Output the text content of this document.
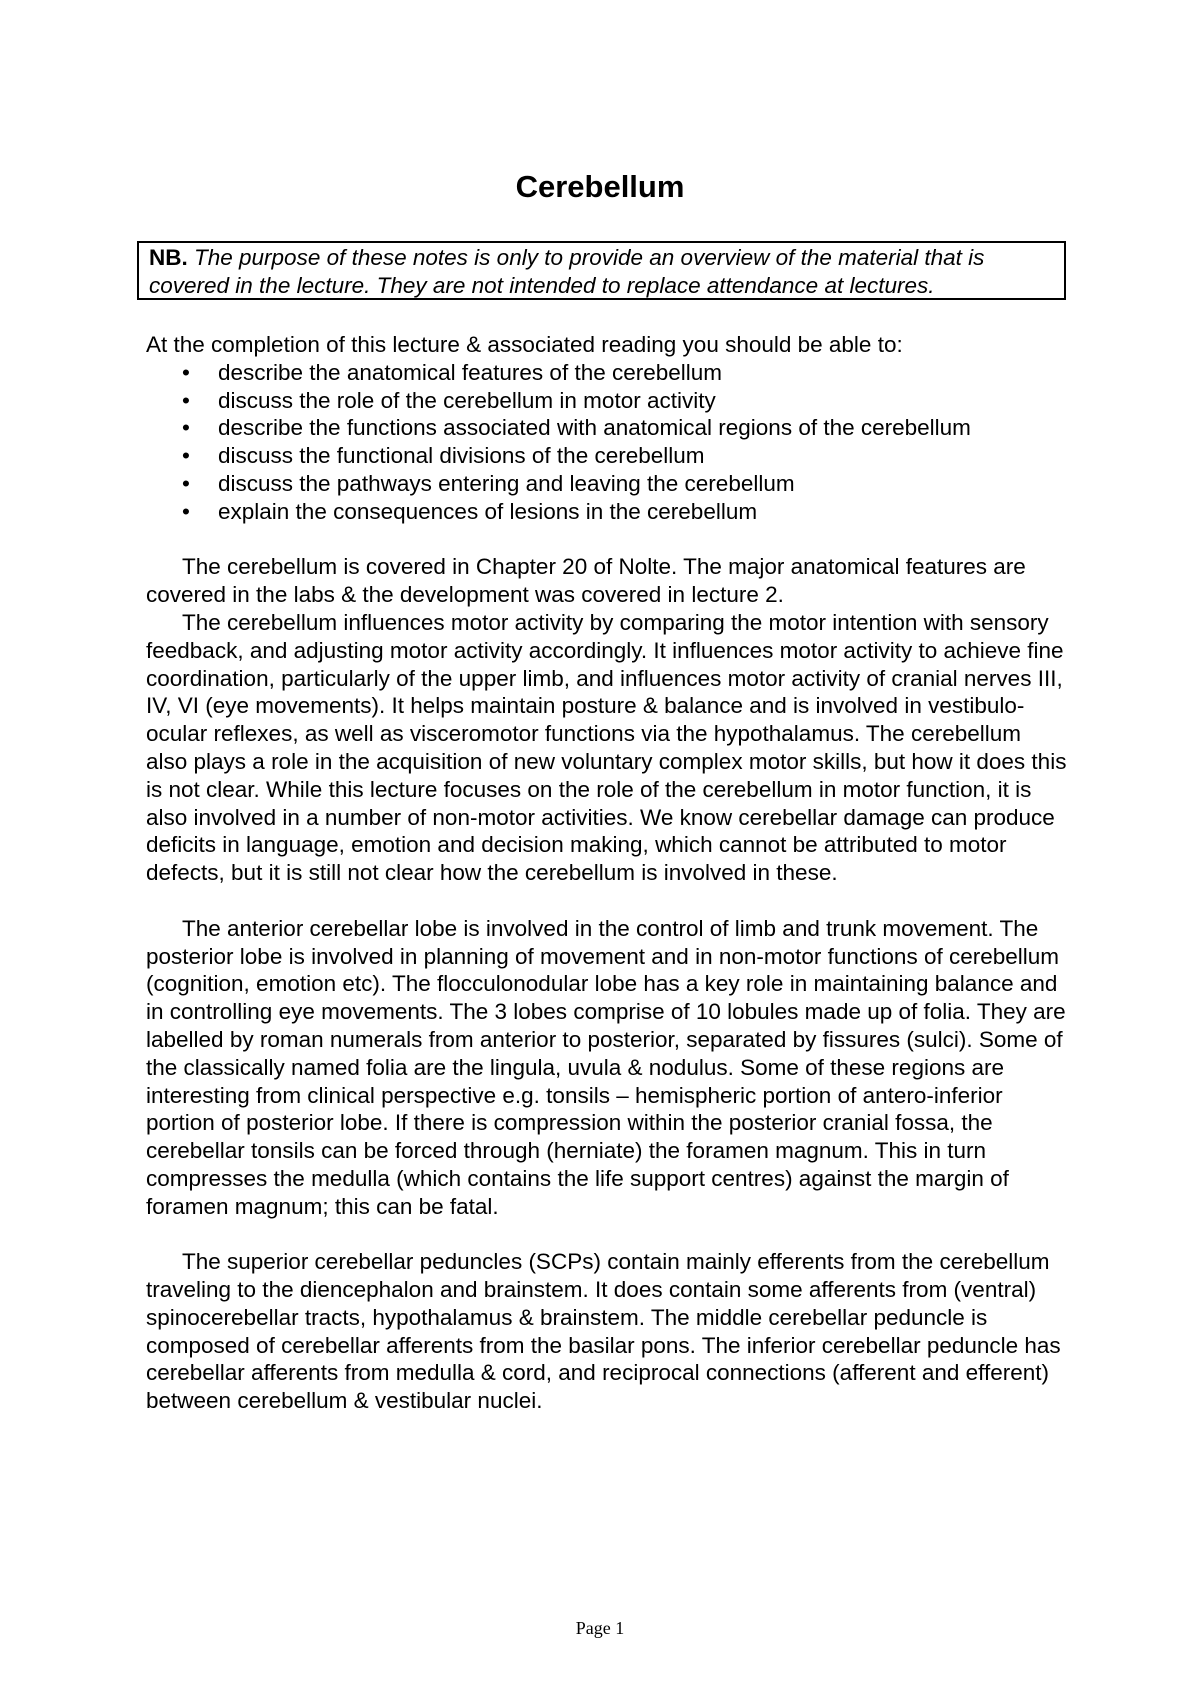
Cerebellum
NB. The purpose of these notes is only to provide an overview of the material that is covered in the lecture. They are not intended to replace attendance at lectures.

At the completion of this lecture & associated reading you should be able to:

• describe the anatomical features of the cerebellum
• discuss the role of the cerebellum in motor activity
• describe the functions associated with anatomical regions of the cerebellum
• discuss the functional divisions of the cerebellum
• discuss the pathways entering and leaving the cerebellum
• explain the consequences of lesions in the cerebellum

The cerebellum is covered in Chapter 20 of Nolte. The major anatomical features are covered in the labs & the development was covered in lecture 2.

The cerebellum influences motor activity by comparing the motor intention with sensory feedback, and adjusting motor activity accordingly. It influences motor activity to achieve fine coordination, particularly of the upper limb, and influences motor activity of cranial nerves III, IV, VI (eye movements). It helps maintain posture & balance and is involved in vestibulo-ocular reflexes, as well as visceromotor functions via the hypothalamus. The cerebellum also plays a role in the acquisition of new voluntary complex motor skills, but how it does this is not clear. While this lecture focuses on the role of the cerebellum in motor function, it is also involved in a number of non-motor activities. We know cerebellar damage can produce deficits in language, emotion and decision making, which cannot be attributed to motor defects, but it is still not clear how the cerebellum is involved in these.

The anterior cerebellar lobe is involved in the control of limb and trunk movement. The posterior lobe is involved in planning of movement and in non-motor functions of cerebellum (cognition, emotion etc). The flocculonodular lobe has a key role in maintaining balance and in controlling eye movements. The 3 lobes comprise of 10 lobules made up of folia. They are labelled by roman numerals from anterior to posterior, separated by fissures (sulci). Some of the classically named folia are the lingula, uvula & nodulus. Some of these regions are interesting from clinical perspective e.g. tonsils – hemispheric portion of antero-inferior portion of posterior lobe. If there is compression within the posterior cranial fossa, the cerebellar tonsils can be forced through (herniate) the foramen magnum. This in turn compresses the medulla (which contains the life support centres) against the margin of foramen magnum; this can be fatal.

The superior cerebellar peduncles (SCPs) contain mainly efferents from the cerebellum traveling to the diencephalon and brainstem. It does contain some afferents from (ventral) spinocerebellar tracts, hypothalamus & brainstem. The middle cerebellar peduncle is composed of cerebellar afferents from the basilar pons. The inferior cerebellar peduncle has cerebellar afferents from medulla & cord, and reciprocal connections (afferent and efferent) between cerebellum & vestibular nuclei.

Page 1
